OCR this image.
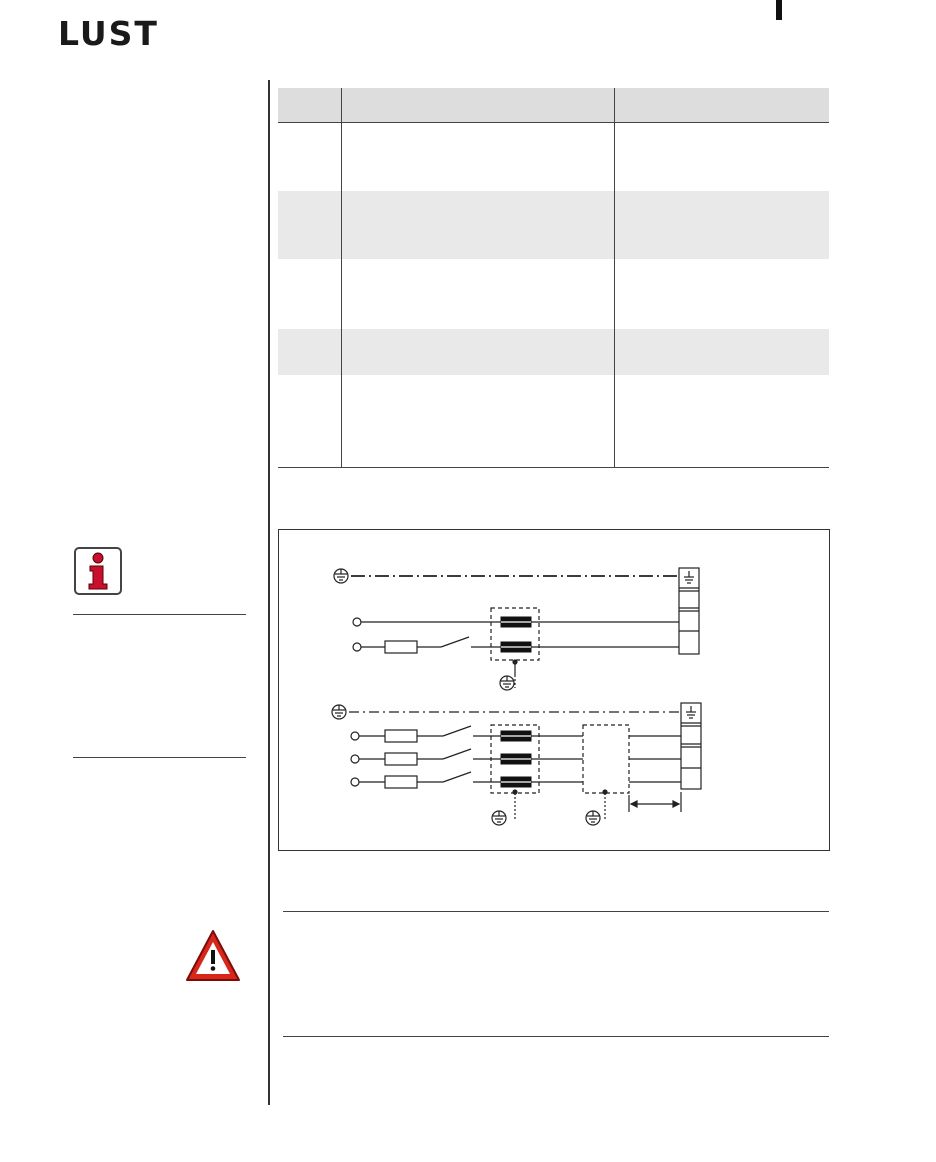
LUST
